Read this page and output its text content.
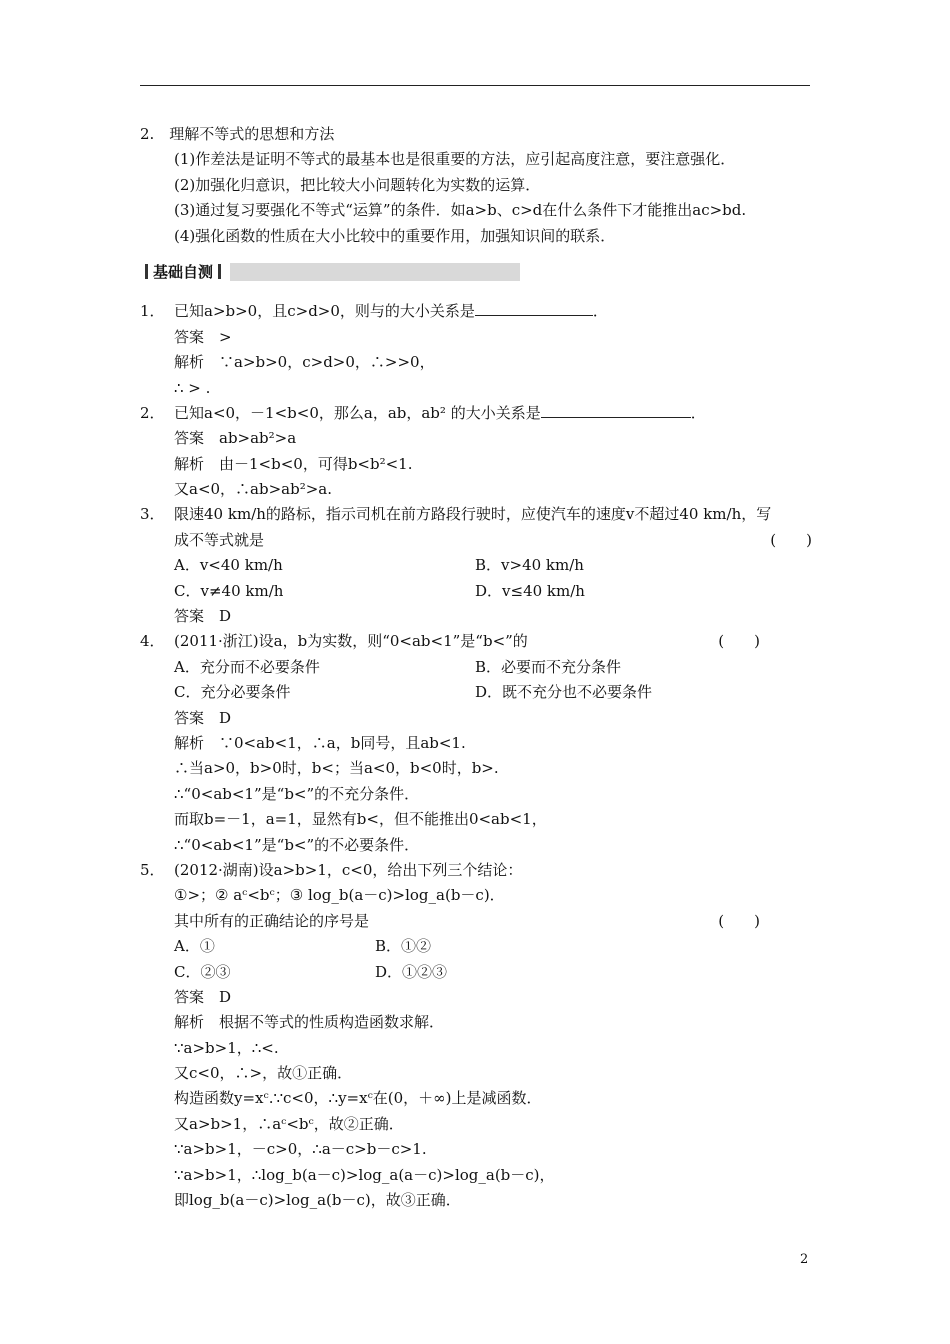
2.　理解不等式的思想和方法
(1)作差法是证明不等式的最基本也是很重要的方法，应引起高度注意，要注意强化．
(2)加强化归意识，把比较大小问题转化为实数的运算．
(3)通过复习要强化不等式“运算”的条件．如a>b、c>d在什么条件下才能推出ac>bd.
(4)强化函数的性质在大小比较中的重要作用，加强知识间的联系．
基础自测
1． 已知a>b>0，且c>d>0，则与的大小关系是	．
答案　>
解析　∵a>b>0，c>d>0，∴>>0，
∴ > .
2． 已知a<0，－1<b<0，那么a，ab，ab² 的大小关系是	．
答案　ab>ab²>a
解析　由－1<b<0，可得b<b²<1.
又a<0，∴ab>ab²>a.
3． 限速40 km/h的路标，指示司机在前方路段行驶时，应使汽车的速度v不超过40 km/h，写
成不等式就是	(　　)
A．v<40 km/h	B．v>40 km/h
C．v≠40 km/h	D．v≤40 km/h
答案　D
4． (2011·浙江)设a，b为实数，则“0<ab<1”是“b<”的	(　　)
A．充分而不必要条件	B．必要而不充分条件
C．充分必要条件	D．既不充分也不必要条件
答案　D
解析　∵0<ab<1，∴a，b同号，且ab<1.
∴当a>0，b>0时，b<；当a<0，b<0时，b>.
∴“0<ab<1”是“b<”的不充分条件．
而取b=－1，a=1，显然有b<，但不能推出0<ab<1，
∴“0<ab<1”是“b<”的不必要条件．
5． (2012·湖南)设a>b>1，c<0，给出下列三个结论：
①>；② aᶜ<bᶜ；③ log_b(a－c)>log_a(b－c)．
其中所有的正确结论的序号是	(　　)
A．①	B．①②
C．②③	D．①②③
答案　D
解析　根据不等式的性质构造函数求解．
∵a>b>1，∴<.
又c<0，∴>，故①正确．
构造函数y=xᶜ.∵c<0，∴y=xᶜ在(0，＋∞)上是减函数．
又a>b>1，∴aᶜ<bᶜ，故②正确．
∵a>b>1，－c>0，∴a－c>b－c>1.
∵a>b>1，∴log_b(a－c)>log_a(a－c)>log_a(b－c)，
即log_b(a－c)>log_a(b－c)，故③正确．
2
